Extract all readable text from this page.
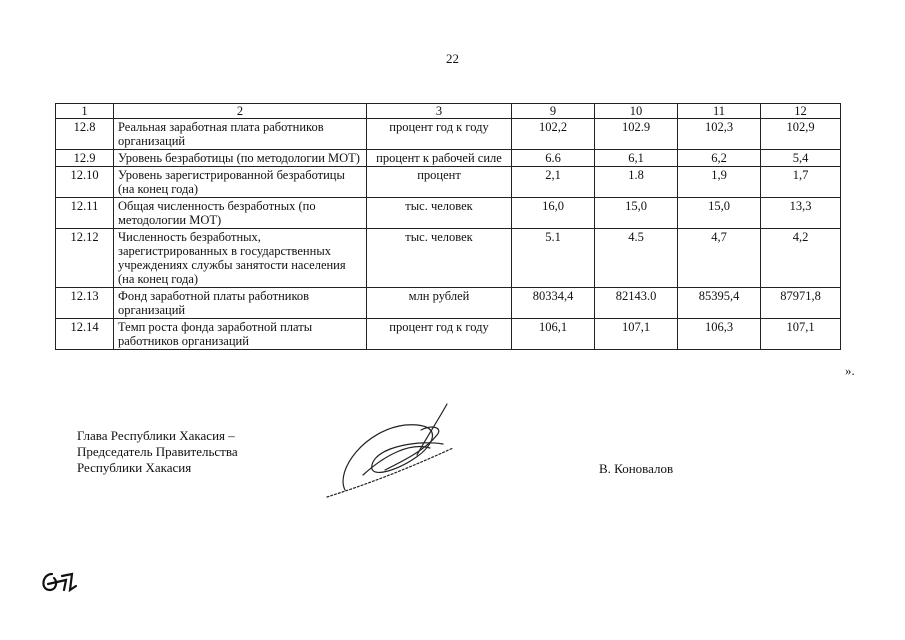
22
1	2	3	9	10	11	12
12.8	Реальная заработная плата работников организаций	процент год к году	102,2	102.9	102,3	102,9
12.9	Уровень безработицы (по методологии МОТ)	процент к рабочей силе	6.6	6,1	6,2	5,4
12.10	Уровень зарегистрированной безработицы (на конец года)	процент	2,1	1.8	1,9	1,7
12.11	Общая численность безработных (по методологии МОТ)	тыс. человек	16,0	15,0	15,0	13,3
12.12	Численность безработных, зарегистрированных в государственных учреждениях службы занятости населения (на конец года)	тыс. человек	5.1	4.5	4,7	4,2
12.13	Фонд заработной платы работников организаций	млн рублей	80334,4	82143.0	85395,4	87971,8
12.14	Темп роста фонда заработной платы работников организаций	процент год к году	106,1	107,1	106,3	107,1
».
Глава Республики Хакасия –
Председатель Правительства
Республики Хакасия	В. Коновалов
